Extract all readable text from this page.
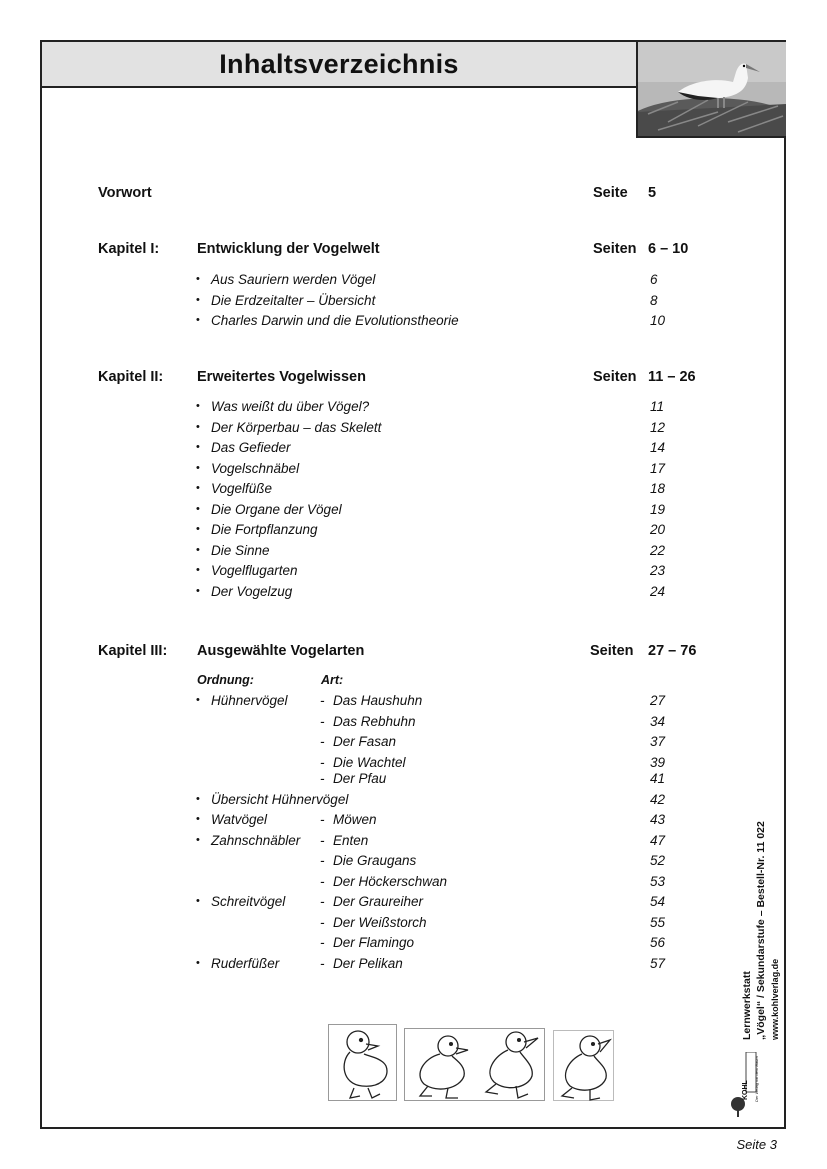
Inhaltsverzeichnis
Vorwort	Seite 5
Kapitel I:	Entwicklung der Vogelwelt	Seiten 6 – 10
Kapitel II: Erweitertes Vogelwissen	Seiten 11 – 26
Kapitel III: Ausgewählte Vogelarten	Seiten 27 – 76
Ordnung:	Art:
Lernwerkstatt „Vögel“ / Sekundarstufe – Bestell-Nr. 11 022 www.kohlverlag.de
KOHL Der Verlag mit dem Baum
Seite 3
• Aus Sauriern werden Vögel	6
• Die Erdzeitalter – Übersicht	8
• Charles Darwin und die Evolutionstheorie	10
• Was weißt du über Vögel?	11
• Der Körperbau – das Skelett	12
• Das Gefieder	14
• Vogelschnäbel	17
• Vogelfüße	18
• Die Organe der Vögel	19
• Die Fortpflanzung	20
• Die Sinne	22
• Vogelflugarten	23
• Der Vogelzug	24
• Hühnervögel - Das Haushuhn	27
- Das Rebhuhn	34
- Der Fasan	37
- Die Wachtel	39
- Der Pfau	41
• Übersicht Hühnervögel	42
• Watvögel	- Möwen	43
• Zahnschnäbler - Enten	47
- Die Graugans	52
- Der Höckerschwan	53
• Schreitvögel	- Der Graureiher	54
- Der Weißstorch	55
- Der Flamingo	56
• Ruderfüßer	- Der Pelikan	57
